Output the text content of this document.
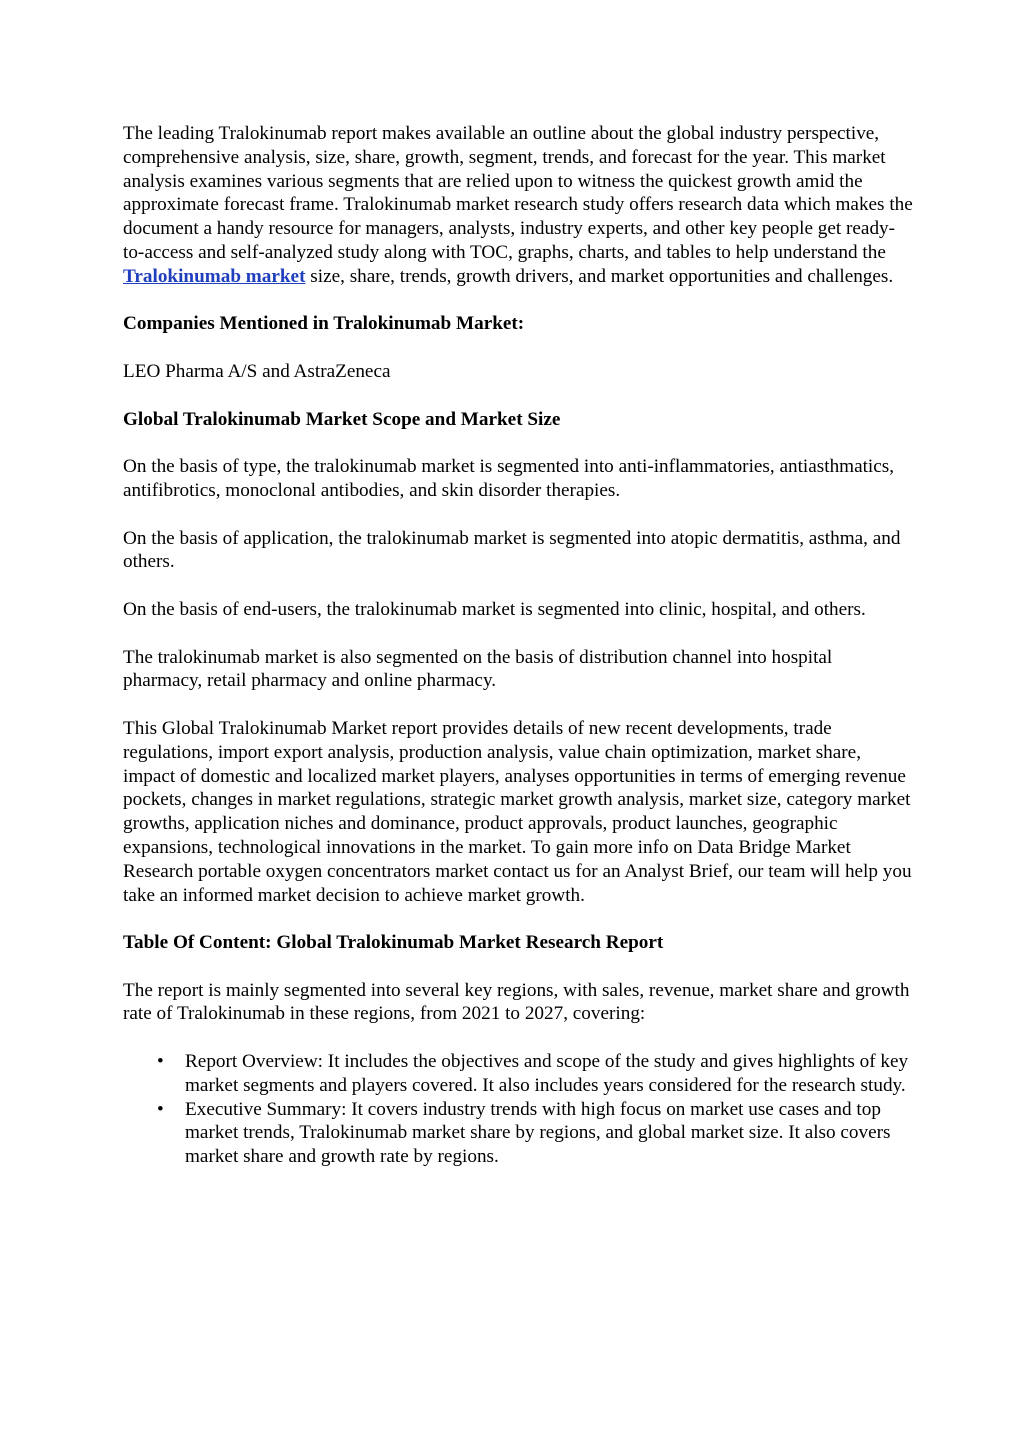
The leading Tralokinumab report makes available an outline about the global industry perspective, comprehensive analysis, size, share, growth, segment, trends, and forecast for the year. This market analysis examines various segments that are relied upon to witness the quickest growth amid the approximate forecast frame. Tralokinumab market research study offers research data which makes the document a handy resource for managers, analysts, industry experts, and other key people get ready-to-access and self-analyzed study along with TOC, graphs, charts, and tables to help understand the Tralokinumab market size, share, trends, growth drivers, and market opportunities and challenges.

Companies Mentioned in Tralokinumab Market:

LEO Pharma A/S and AstraZeneca

Global Tralokinumab Market Scope and Market Size

On the basis of type, the tralokinumab market is segmented into anti-inflammatories, antiasthmatics, antifibrotics, monoclonal antibodies, and skin disorder therapies.

On the basis of application, the tralokinumab market is segmented into atopic dermatitis, asthma, and others.

On the basis of end-users, the tralokinumab market is segmented into clinic, hospital, and others.

The tralokinumab market is also segmented on the basis of distribution channel into hospital pharmacy, retail pharmacy and online pharmacy.

This Global Tralokinumab Market report provides details of new recent developments, trade regulations, import export analysis, production analysis, value chain optimization, market share, impact of domestic and localized market players, analyses opportunities in terms of emerging revenue pockets, changes in market regulations, strategic market growth analysis, market size, category market growths, application niches and dominance, product approvals, product launches, geographic expansions, technological innovations in the market. To gain more info on Data Bridge Market Research portable oxygen concentrators market contact us for an Analyst Brief, our team will help you take an informed market decision to achieve market growth.

Table Of Content: Global Tralokinumab Market Research Report

The report is mainly segmented into several key regions, with sales, revenue, market share and growth rate of Tralokinumab in these regions, from 2021 to 2027, covering:

• Report Overview: It includes the objectives and scope of the study and gives highlights of key market segments and players covered. It also includes years considered for the research study.
• Executive Summary: It covers industry trends with high focus on market use cases and top market trends, Tralokinumab market share by regions, and global market size. It also covers market share and growth rate by regions.
